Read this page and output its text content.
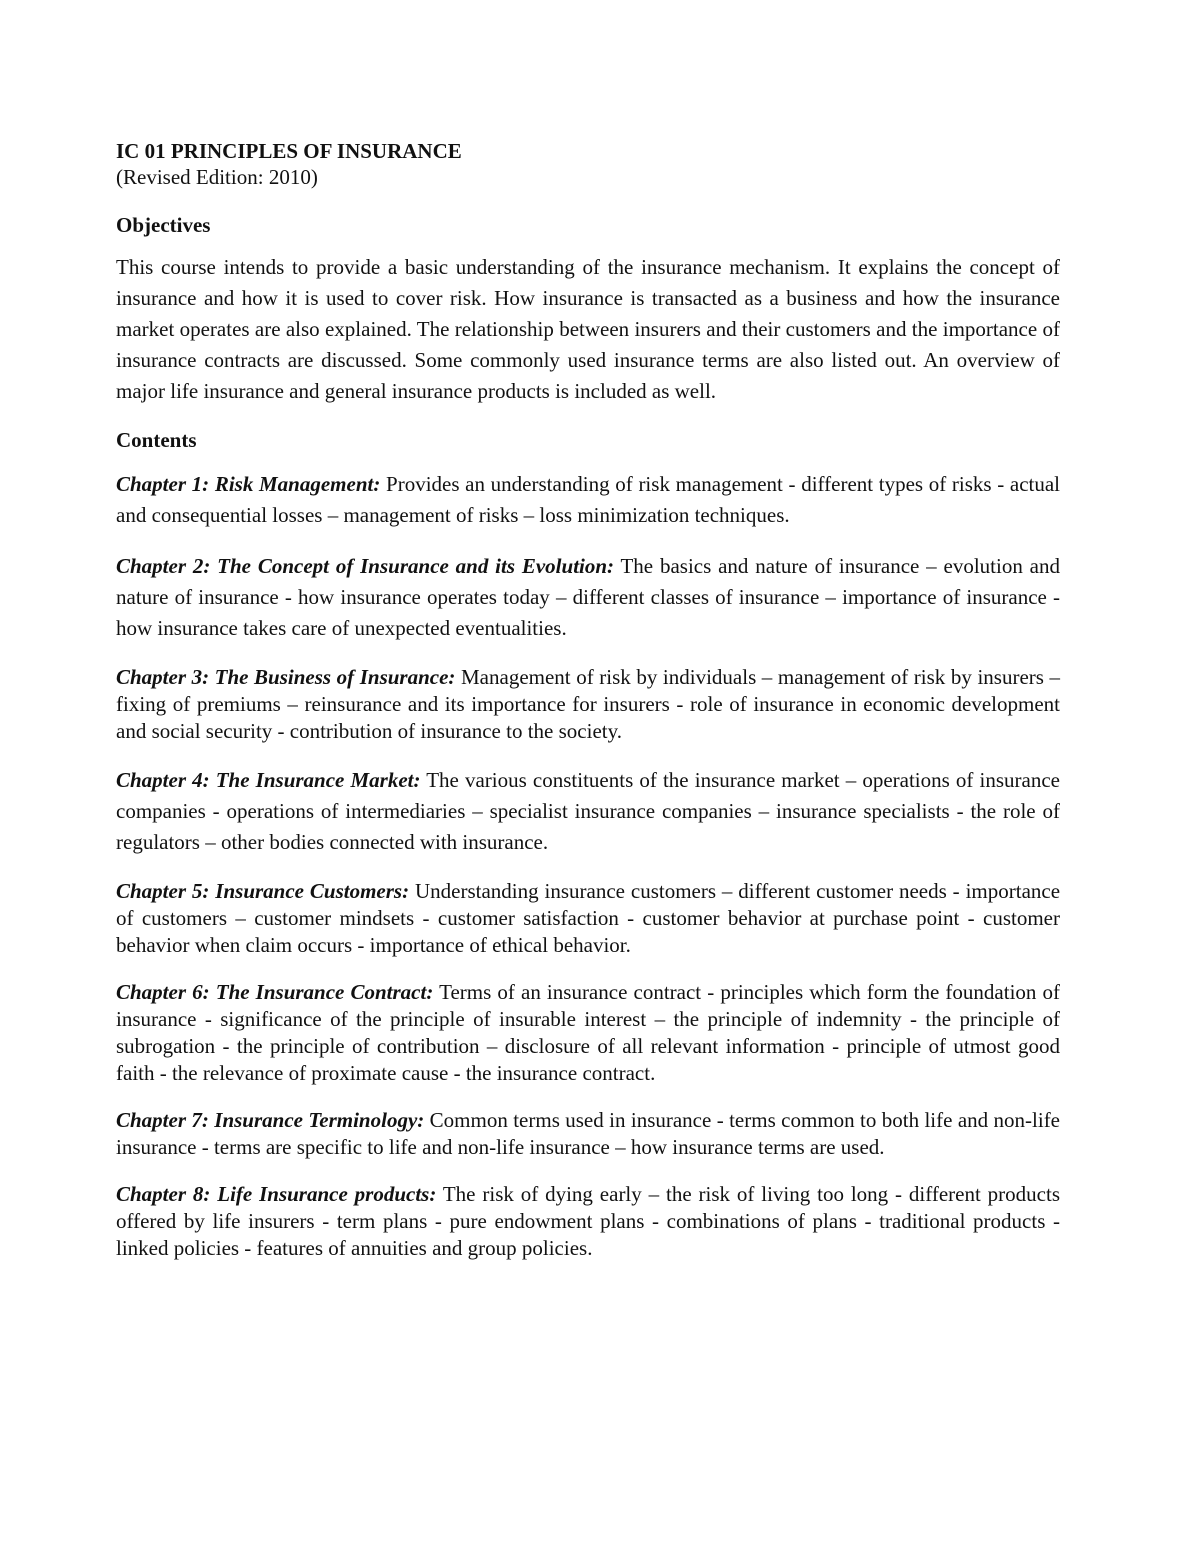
IC 01 PRINCIPLES OF INSURANCE

(Revised Edition: 2010)

Objectives

This course intends to provide a basic understanding of the insurance mechanism. It explains the concept of insurance and how it is used to cover risk. How insurance is transacted as a business and how the insurance market operates are also explained. The relationship between insurers and their customers and the importance of insurance contracts are discussed. Some commonly used insurance terms are also listed out. An overview of major life insurance and general insurance products is included as well.

Contents

Chapter 1: Risk Management: Provides an understanding of risk management - different types of risks - actual and consequential losses – management of risks – loss minimization techniques.

Chapter 2: The Concept of Insurance and its Evolution: The basics and nature of insurance – evolution and nature of insurance - how insurance operates today – different classes of insurance – importance of insurance - how insurance takes care of unexpected eventualities.

Chapter 3: The Business of Insurance: Management of risk by individuals – management of risk by insurers – fixing of premiums – reinsurance and its importance for insurers - role of insurance in economic development and social security - contribution of insurance to the society.

Chapter 4: The Insurance Market: The various constituents of the insurance market – operations of insurance companies - operations of intermediaries – specialist insurance companies – insurance specialists - the role of regulators – other bodies connected with insurance.

Chapter 5: Insurance Customers: Understanding insurance customers – different customer needs - importance of customers – customer mindsets - customer satisfaction - customer behavior at purchase point - customer behavior when claim occurs - importance of ethical behavior.

Chapter 6: The Insurance Contract: Terms of an insurance contract - principles which form the foundation of insurance - significance of the principle of insurable interest – the principle of indemnity - the principle of subrogation - the principle of contribution – disclosure of all relevant information - principle of utmost good faith - the relevance of proximate cause - the insurance contract.

Chapter 7: Insurance Terminology: Common terms used in insurance - terms common to both life and non-life insurance - terms are specific to life and non-life insurance – how insurance terms are used.

Chapter 8: Life Insurance products: The risk of dying early – the risk of living too long - different products offered by life insurers - term plans - pure endowment plans - combinations of plans - traditional products - linked policies - features of annuities and group policies.
